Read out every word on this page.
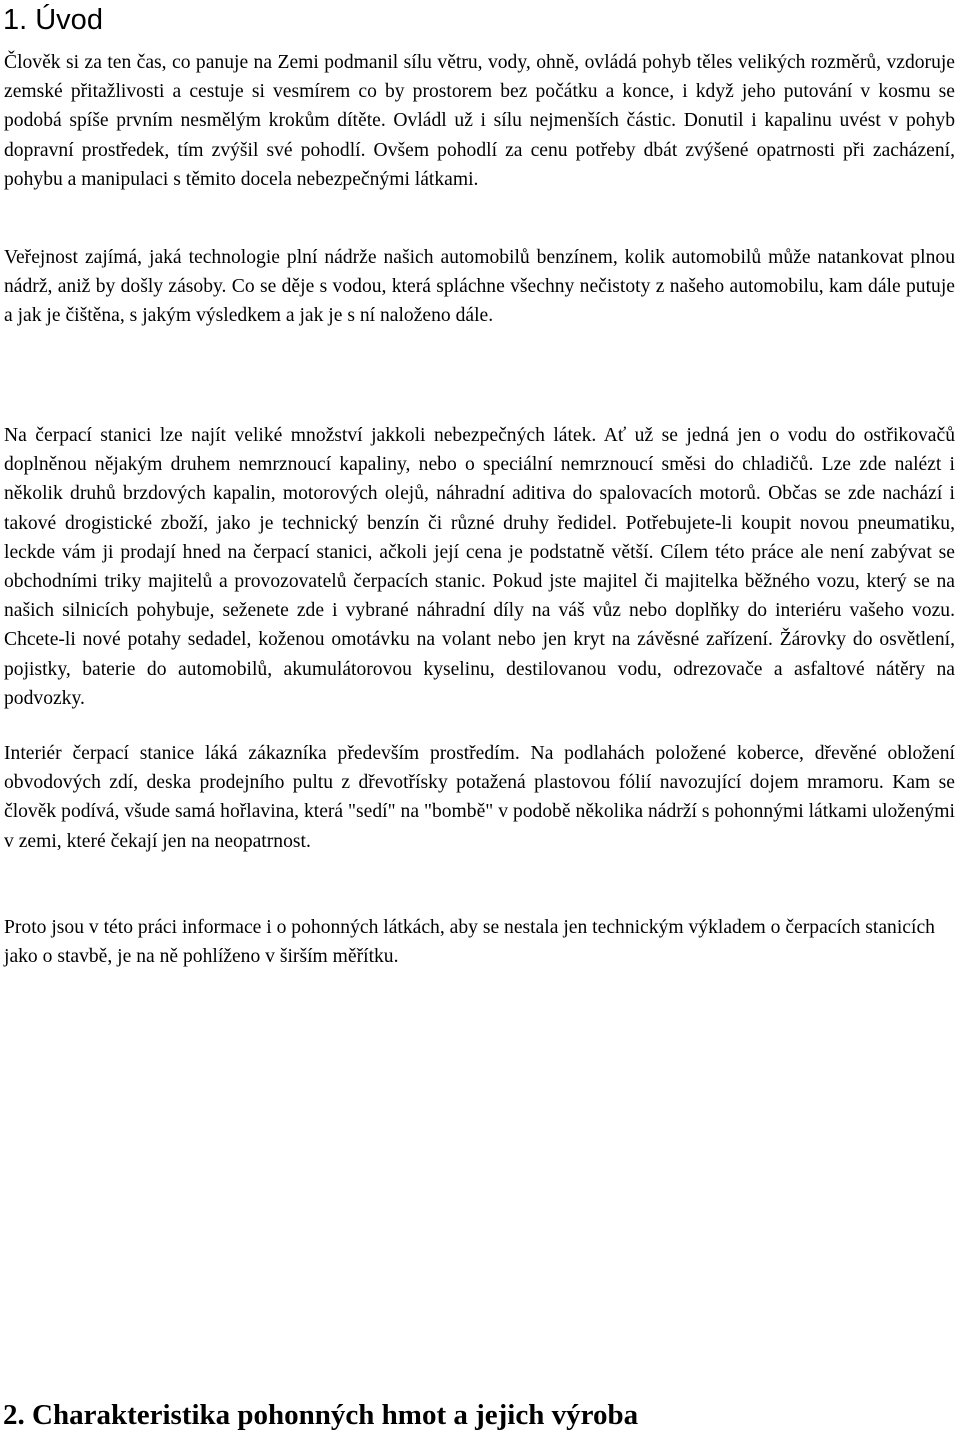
1. Úvod

Člověk si za ten čas, co panuje na Zemi podmanil sílu větru, vody, ohně, ovládá pohyb těles velikých rozměrů, vzdoruje zemské přitažlivosti a cestuje si vesmírem co by prostorem bez počátku a konce, i když jeho putování v kosmu se podobá spíše prvním nesmělým krokům dítěte. Ovládl už i sílu nejmenších částic. Donutil i kapalinu uvést v pohyb dopravní prostředek, tím zvýšil své pohodlí. Ovšem pohodlí za cenu potřeby dbát zvýšené opatrnosti při zacházení, pohybu a manipulaci s těmito docela nebezpečnými látkami.

Veřejnost zajímá, jaká technologie plní nádrže našich automobilů benzínem, kolik automobilů může natankovat plnou nádrž, aniž by došly zásoby. Co se děje s vodou, která spláchne všechny nečistoty z našeho automobilu, kam dále putuje a jak je čištěna, s jakým výsledkem a jak je s ní naloženo dále.

Na čerpací stanici lze najít veliké množství jakkoli nebezpečných látek. Ať už se jedná jen o vodu do ostřikovačů doplněnou nějakým druhem nemrznoucí kapaliny, nebo o speciální nemrznoucí směsi do chladičů. Lze zde nalézt i několik druhů brzdových kapalin, motorových olejů, náhradní aditiva do spalovacích motorů. Občas se zde nachází i takové drogistické zboží, jako je technický benzín či různé druhy ředidel. Potřebujete-li koupit novou pneumatiku, leckde vám ji prodají hned na čerpací stanici, ačkoli její cena je podstatně větší. Cílem této práce ale není zabývat se obchodními triky majitelů a provozovatelů čerpacích stanic. Pokud jste majitel či majitelka běžného vozu, který se na našich silnicích pohybuje, seženete zde i vybrané náhradní díly na váš vůz nebo doplňky do interiéru vašeho vozu. Chcete-li nové potahy sedadel, koženou omotávku na volant nebo jen kryt na závěsné zařízení. Žárovky do osvětlení, pojistky, baterie do automobilů, akumulátorovou kyselinu, destilovanou vodu, odrezovače a asfaltové nátěry na podvozky.

Interiér čerpací stanice láká zákazníka především prostředím. Na podlahách položené koberce, dřevěné obložení obvodových zdí, deska prodejního pultu z dřevotřísky potažená plastovou fólií navozující dojem mramoru. Kam se člověk podívá, všude samá hořlavina, která "sedí" na "bombě" v podobě několika nádrží s pohonnými látkami uloženými v zemi, které čekají jen na neopatrnost.

Proto jsou v této práci informace i o pohonných látkách, aby se nestala jen technickým výkladem o čerpacích stanicích jako o stavbě, je na ně pohlíženo v širším měřítku.

2. Charakteristika pohonných hmot a jejich výroba
